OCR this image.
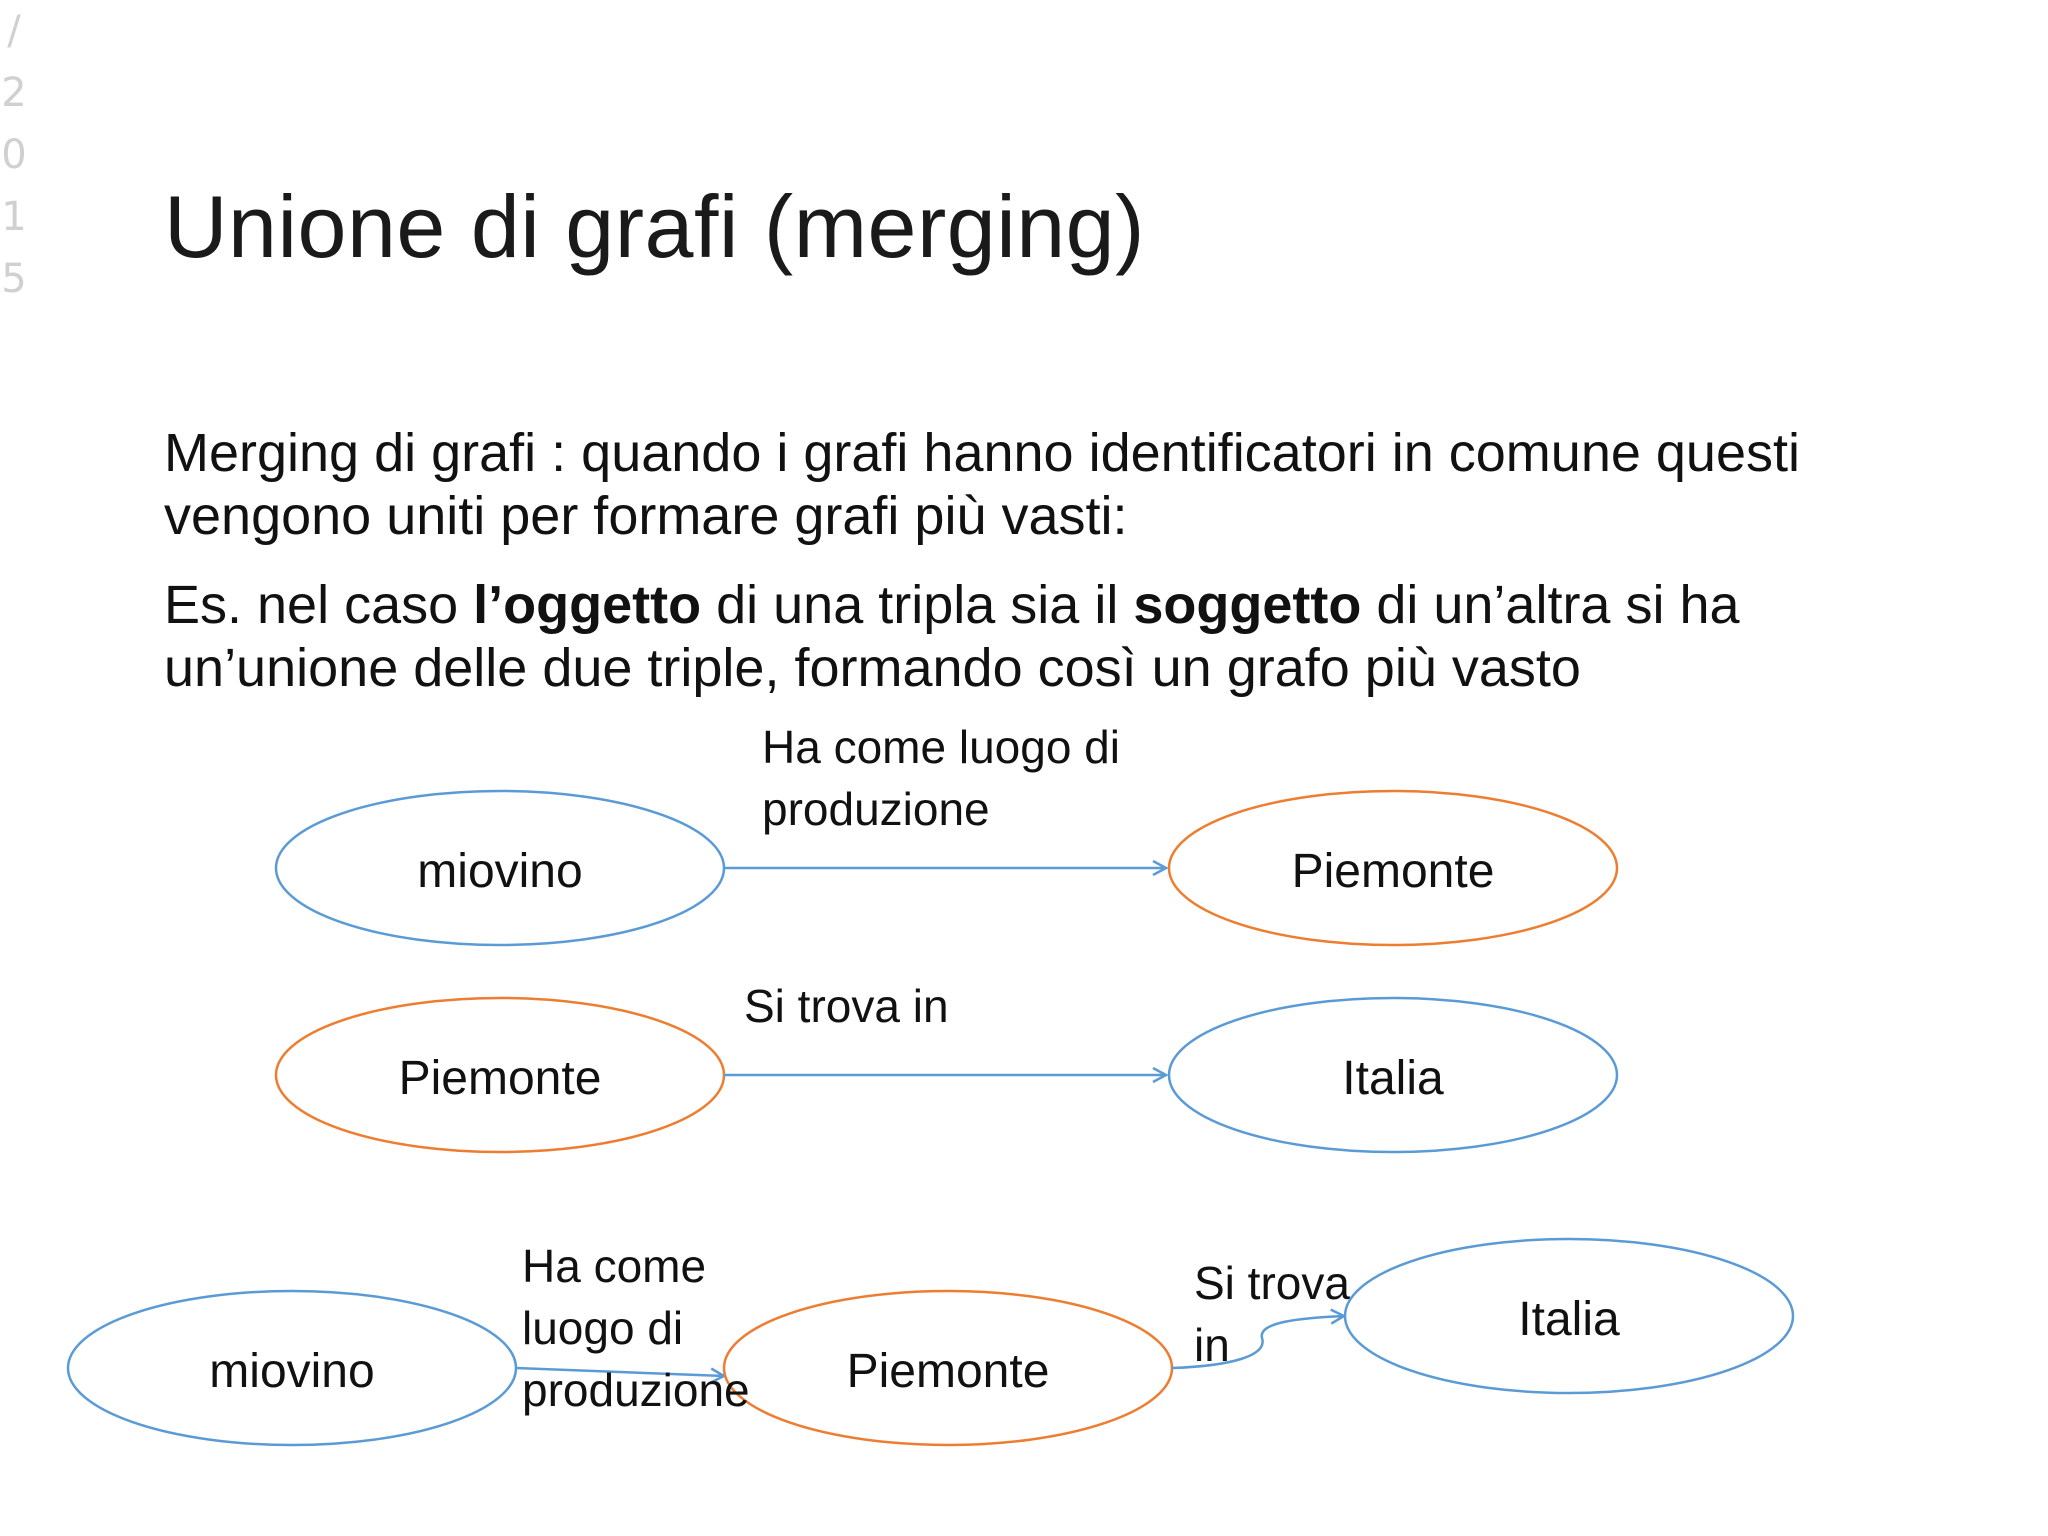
/
2
0
1
5
Unione di grafi (merging)
Merging di grafi : quando i grafi hanno identificatori in comune questi vengono uniti per formare grafi più vasti:
Es. nel caso l’oggetto di una tripla sia il soggetto di un’altra si ha un’unione delle due triple, formando così un grafo più vasto
miovino
Ha come luogo di
produzione
Piemonte
Piemonte
Si trova in
Italia
miovino	Piemonte
Ha come
luogo di
produzione
Si trova
in	Italia
